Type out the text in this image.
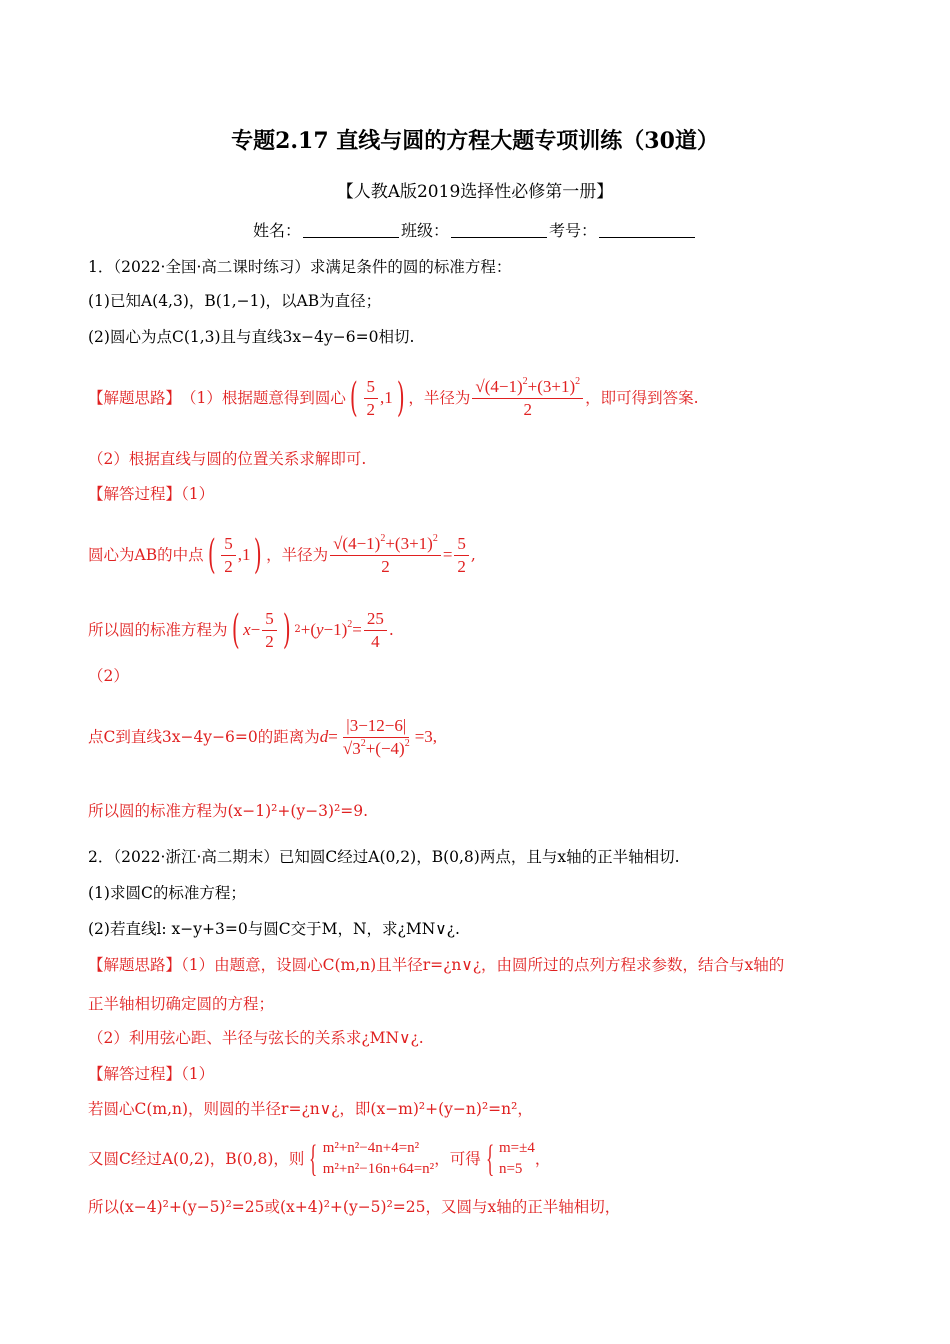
专题2.17 直线与圆的方程大题专项训练（30道）
【人教A版2019选择性必修第一册】
姓名：	班级：	考号：
1．（2022·全国·高二课时练习）求满足条件的圆的标准方程：
(1)已知A(4,3)，B(1,−1)，以AB为直径；
(2)圆心为点C(1,3)且与直线3x−4y−6=0相切.
【解题思路】 （1）根据题意得到圆心 ( $\frac{5}{2} ,1$ ) ，半径为 $\frac{√(4-1)^2+(3+1)^2}{2}$ ，即可得到答案.
（2）根据直线与圆的位置关系求解即可.
【解答过程】（1）
圆心为AB的中点 ( $\frac{5}{2} ,1$ ) ，半径为 $\frac{√(4-1)^2+(3+1)^2}{2} = \frac{5}{2}$ ,
所以圆的标准方程为 ( $x - \frac{5}{2}$ ) $2 +(y-1)^2= \frac{25}{4}$ .
（2）
点C到直线3x−4y−6=0的距离为 $d = \frac{|3-12-6|}{√3^2+(-4)^2} =3$,
所以圆的标准方程为(x−1)²+(y−3)²=9.
2．（2022·浙江·高二期末）已知圆C经过A(0,2)，B(0,8)两点，且与x轴的正半轴相切.
(1)求圆C的标准方程；
(2)若直线l: x−y+3=0与圆C交于M，N，求¿MN∨¿.
【解题思路】（1）由题意，设圆心C(m,n)且半径r=¿n∨¿，由圆所过的点列方程求参数，结合与x轴的
正半轴相切确定圆的方程；
（2）利用弦心距、半径与弦长的关系求¿MN∨¿.
【解答过程】（1）
若圆心C(m,n)，则圆的半径r=¿n∨¿，即(x−m)²+(y−n)²=n²，
又圆C经过A(0,2)，B(0,8)，则 { m²+n²−4n+4=n²
m²+n²−16n+64=n²
，可得 { m=±4
n=5
，
所以(x−4)²+(y−5)²=25或(x+4)²+(y−5)²=25，又圆与x轴的正半轴相切，
